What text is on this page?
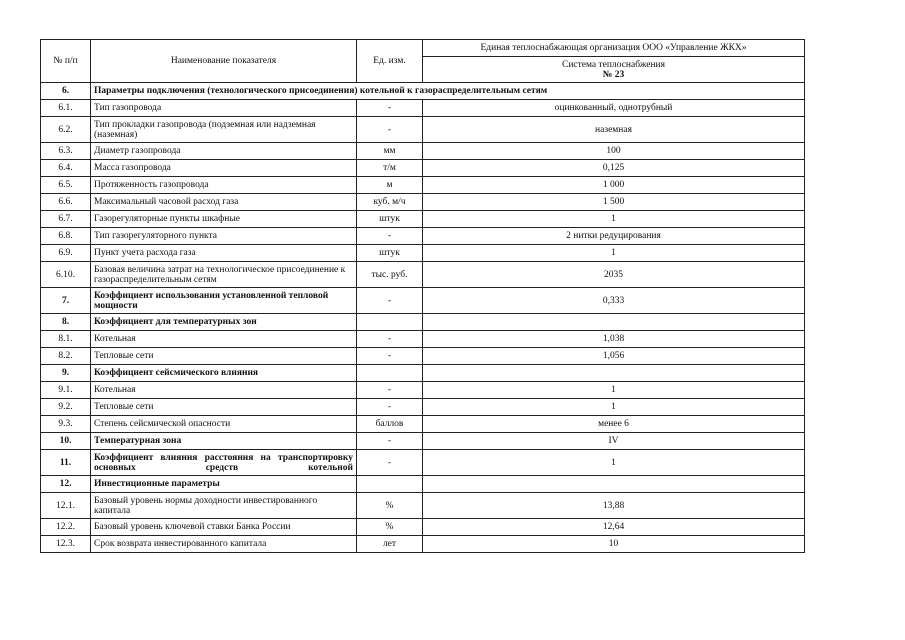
№ п/п	Наименование показателя	Ед. изм.	Единая теплоснабжающая организация ООО «Управление ЖКХ»

			Система теплоснабжения
№ 23

6.	Параметры подключения (технологического присоединения) котельной к газораспределительным сетям		
6.1.	Тип газопровода	-	оцинкованный, однотрубный
6.2.	Тип прокладки газопровода (подземная или надземная (наземная)	-	наземная
6.3.	Диаметр газопровода	мм	100
6.4.	Масса газопровода	т/м	0,125
6.5.	Протяженность газопровода	м	1 000
6.6.	Максимальный часовой расход газа	куб. м/ч	1 500
6.7.	Газорегуляторные пункты шкафные	штук	1
6.8.	Тип газорегуляторного пункта	-	2 нитки редуцирования
6.9.	Пункт учета расхода газа	штук	1
6.10.	Базовая величина затрат на технологическое присоединение к газораспределительным сетям	тыс. руб.	2035
7.	Коэффициент использования установленной тепловой мощности	-	0,333
8.	Коэффициент для температурных зон		
8.1.	Котельная	-	1,038
8.2.	Тепловые сети	-	1,056
9.	Коэффициент сейсмического влияния		
9.1.	Котельная	-	1
9.2.	Тепловые сети	-	1
9.3.	Степень сейсмической опасности	баллов	менее 6
10.	Температурная зона	-	IV
11.	Коэффициент влияния расстояния на транспортировку основных средств котельной	-	1
12.	Инвестиционные параметры		
12.1.	Базовый уровень нормы доходности инвестированного капитала	%	13,88
12.2.	Базовый уровень ключевой ставки Банка России	%	12,64
12.3.	Срок возврата инвестированного капитала	лет	10
